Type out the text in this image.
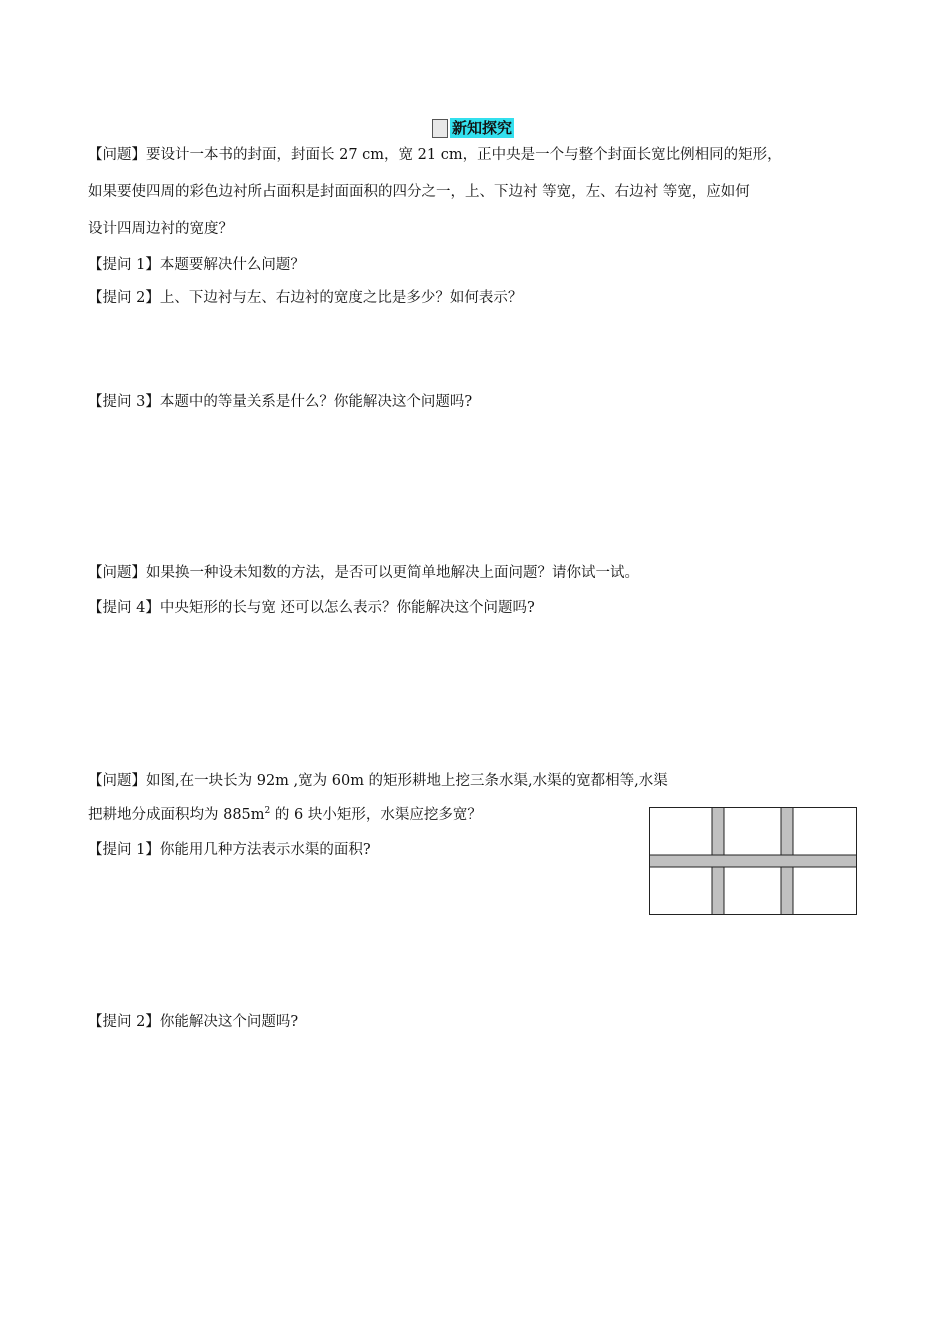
新知探究
【问题】要设计一本书的封面，封面长 27 cm，宽 21 cm，正中央是一个与整个封面长宽比例相同的矩形，
如果要使四周的彩色边衬所占面积是封面面积的四分之一，上、下边衬 等宽，左、右边衬 等宽，应如何
设计四周边衬的宽度？
【提问 1】本题要解决什么问题？
【提问 2】上、下边衬与左、右边衬的宽度之比是多少？如何表示？
【提问 3】本题中的等量关系是什么？你能解决这个问题吗?
【问题】如果换一种设未知数的方法，是否可以更简单地解决上面问题？请你试一试。
【提问 4】中央矩形的长与宽 还可以怎么表示？你能解决这个问题吗?
【问题】如图,在一块长为 92m ,宽为 60m 的矩形耕地上挖三条水渠,水渠的宽都相等,水渠
把耕地分成面积均为 $885m^2$ 的 6 块小矩形，水渠应挖多宽？
【提问 1】你能用几种方法表示水渠的面积?
【提问 2】你能解决这个问题吗?
